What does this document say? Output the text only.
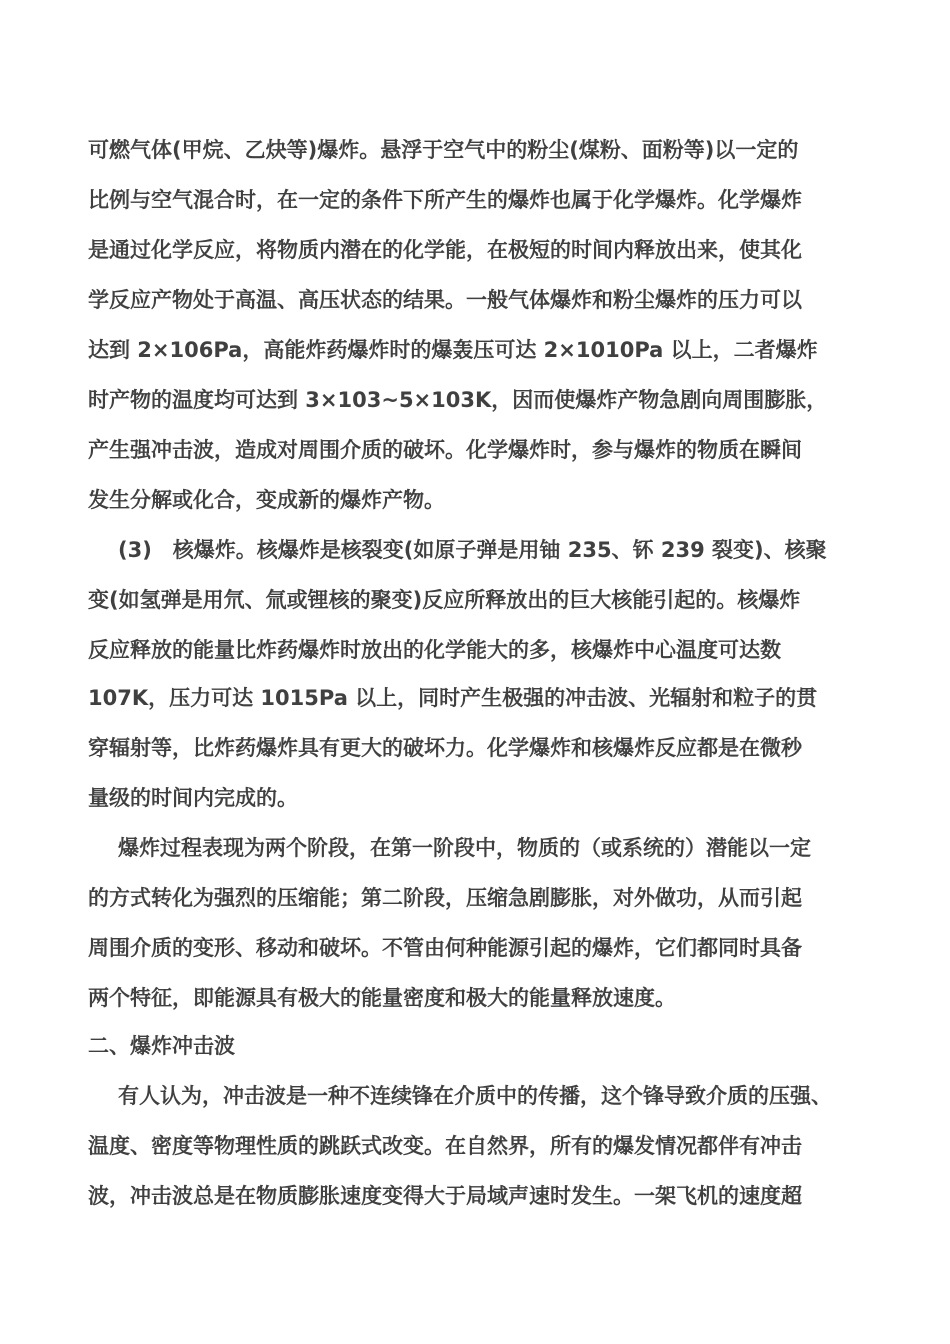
可燃气体(甲烷、乙炔等)爆炸。悬浮于空气中的粉尘(煤粉、面粉等)以一定的

比例与空气混合时，在一定的条件下所产生的爆炸也属于化学爆炸。化学爆炸

是通过化学反应，将物质内潜在的化学能，在极短的时间内释放出来，使其化

学反应产物处于高温、高压状态的结果。一般气体爆炸和粉尘爆炸的压力可以

达到 2×106Pa，高能炸药爆炸时的爆轰压可达 2×1010Pa 以上，二者爆炸

时产物的温度均可达到 3×103~5×103K，因而使爆炸产物急剧向周围膨胀，

产生强冲击波，造成对周围介质的破坏。化学爆炸时，参与爆炸的物质在瞬间

发生分解或化合，变成新的爆炸产物。

(3)　核爆炸。核爆炸是核裂变(如原子弹是用铀 235、钚 239 裂变)、核聚

变(如氢弹是用氘、氚或锂核的聚变)反应所释放出的巨大核能引起的。核爆炸

反应释放的能量比炸药爆炸时放出的化学能大的多，核爆炸中心温度可达数

107K，压力可达 1015Pa 以上，同时产生极强的冲击波、光辐射和粒子的贯

穿辐射等，比炸药爆炸具有更大的破坏力。化学爆炸和核爆炸反应都是在微秒

量级的时间内完成的。

爆炸过程表现为两个阶段，在第一阶段中，物质的（或系统的）潜能以一定

的方式转化为强烈的压缩能；第二阶段，压缩急剧膨胀，对外做功，从而引起

周围介质的变形、移动和破坏。不管由何种能源引起的爆炸，它们都同时具备

两个特征，即能源具有极大的能量密度和极大的能量释放速度。

二、爆炸冲击波

有人认为，冲击波是一种不连续锋在介质中的传播，这个锋导致介质的压强、

温度、密度等物理性质的跳跃式改变。在自然界，所有的爆发情况都伴有冲击

波，冲击波总是在物质膨胀速度变得大于局域声速时发生。一架飞机的速度超
